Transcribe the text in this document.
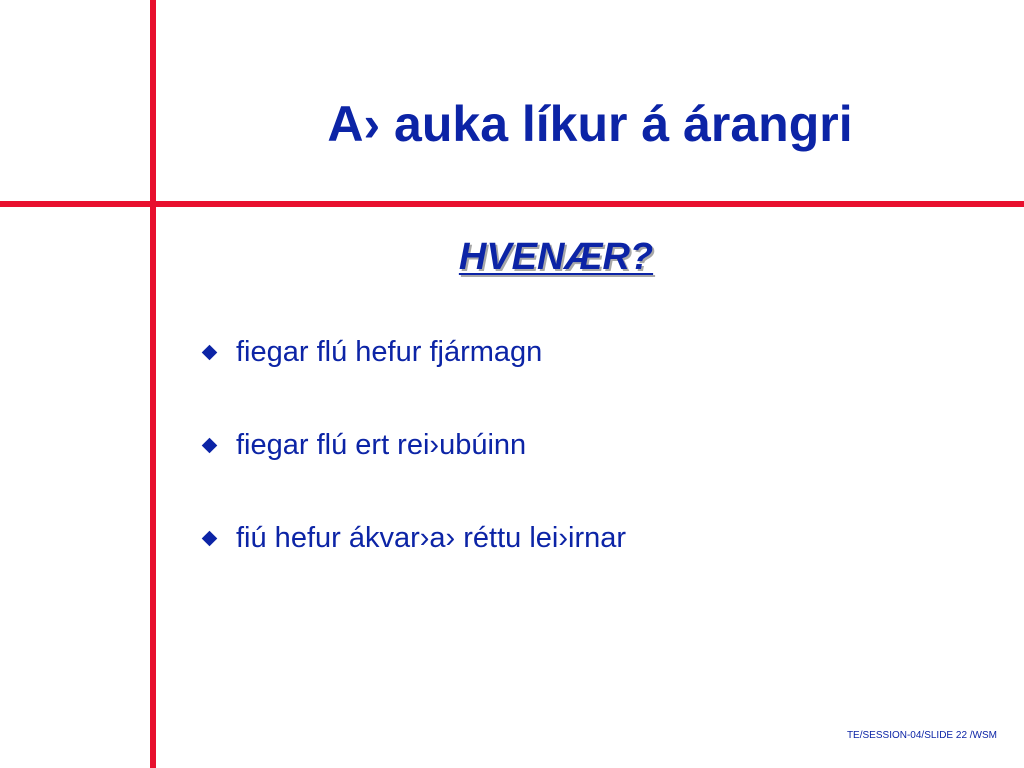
A› auka líkur á árangri
HVENÆR?
fiegar flú hefur fjármagn
fiegar flú ert rei›ubúinn
fiú hefur ákvar›a› réttu lei›irnar
TE/SESSION-04/SLIDE 22 /WSM
